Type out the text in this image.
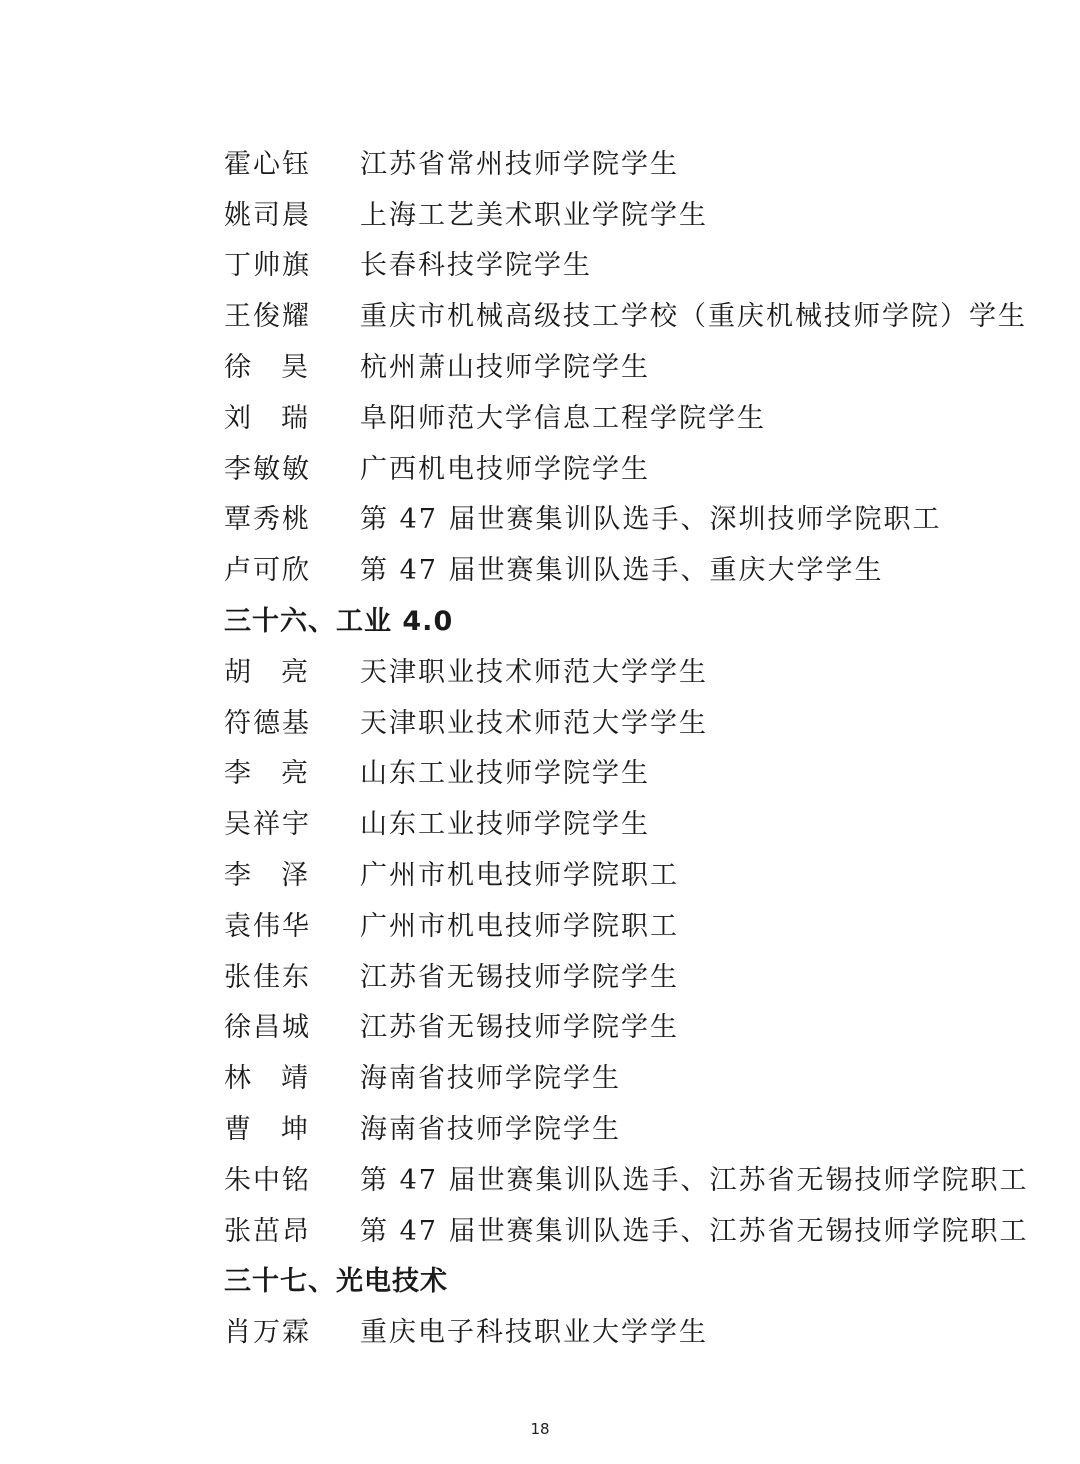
霍 心 钰 江苏省常州技师学院学生
姚 司 晨 上海工艺美术职业学院学生
丁 帅 旗 长春科技学院学生
王 俊 耀 重庆市机械高级技工学校（重庆机械技师学院）学生
徐 昊 杭州萧山技师学院学生
刘 瑞 阜阳师范大学信息工程学院学生
李 敏 敏 广西机电技师学院学生
覃 秀 桃 第 47 届世赛集训队选手、深圳技师学院职工
卢 可 欣 第 47 届世赛集训队选手、重庆大学学生
三十六、工业 4.0
胡 亮 天津职业技术师范大学学生
符 德 基 天津职业技术师范大学学生
李 亮 山东工业技师学院学生
吴 祥 宇 山东工业技师学院学生
李 泽 广州市机电技师学院职工
袁 伟 华 广州市机电技师学院职工
张 佳 东 江苏省无锡技师学院学生
徐 昌 城 江苏省无锡技师学院学生
林 靖 海南省技师学院学生
曹 坤 海南省技师学院学生
朱 中 铭 第 47 届世赛集训队选手、江苏省无锡技师学院职工
张 茁 昂 第 47 届世赛集训队选手、江苏省无锡技师学院职工
三十七、光电技术
肖 万 霖 重庆电子科技职业大学学生
18
